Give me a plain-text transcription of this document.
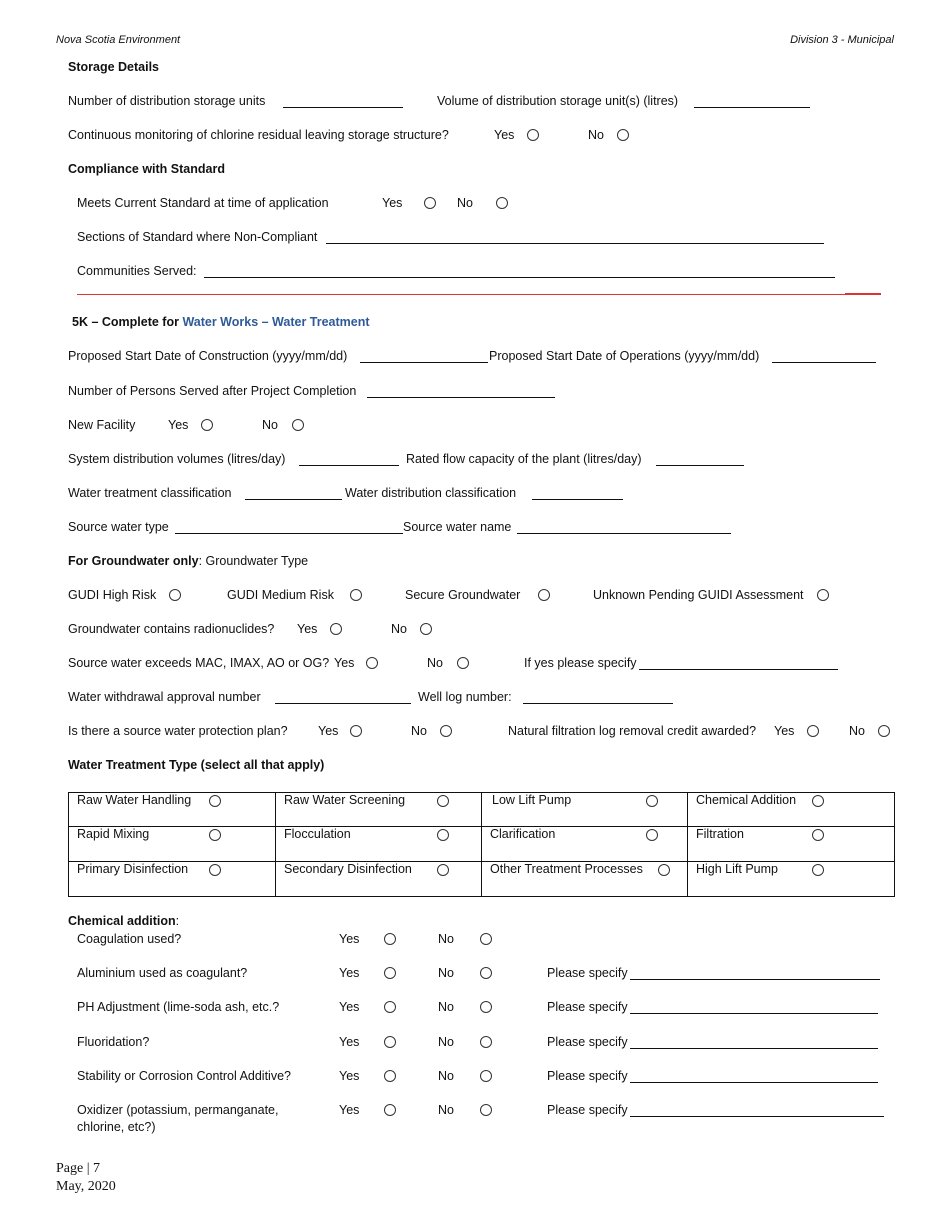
Nova Scotia Environment	Division 3 - Municipal
Storage Details
Number of distribution storage units	Volume of distribution storage unit(s) (litres)
Continuous monitoring of chlorine residual leaving storage structure?	Yes	No
Compliance with Standard
Meets Current Standard at time of application	Yes	No
Sections of Standard where Non-Compliant
Communities Served:
5K – Complete for Water Works – Water Treatment
Proposed Start Date of Construction (yyyy/mm/dd)	Proposed Start Date of Operations (yyyy/mm/dd)
Number of Persons Served after Project Completion
New Facility	Yes	No
System distribution volumes (litres/day)	Rated flow capacity of the plant (litres/day)
Water treatment classification	Water distribution classification
Source water type	Source water name
For Groundwater only: Groundwater Type
GUDI High Risk	GUDI Medium Risk	Secure Groundwater	Unknown Pending GUIDI Assessment
Groundwater contains radionuclides? Yes	No
Source water exceeds MAC, IMAX, AO or OG? Yes	No	If yes please specify
Water withdrawal approval number	Well log number:
Is there a source water protection plan? Yes	No	Natural filtration log removal credit awarded? Yes	No
Water Treatment Type (select all that apply)
Raw Water Handling	Raw Water Screening	Low Lift Pump	Chemical Addition
Rapid Mixing	Flocculation	Clarification	Filtration
Primary Disinfection	Secondary Disinfection	Other Treatment Processes	High Lift Pump
Chemical addition:
Coagulation used?	Yes	No
Aluminium used as coagulant?	Yes	No	Please specify
PH Adjustment (lime-soda ash, etc.?	Yes	No	Please specify
Fluoridation?	Yes	No	Please specify
Stability or Corrosion Control Additive?	Yes	No	Please specify
Oxidizer (potassium, permanganate,
chlorine, etc?)
Yes	No	Please specify
Page | 7
May, 2020
